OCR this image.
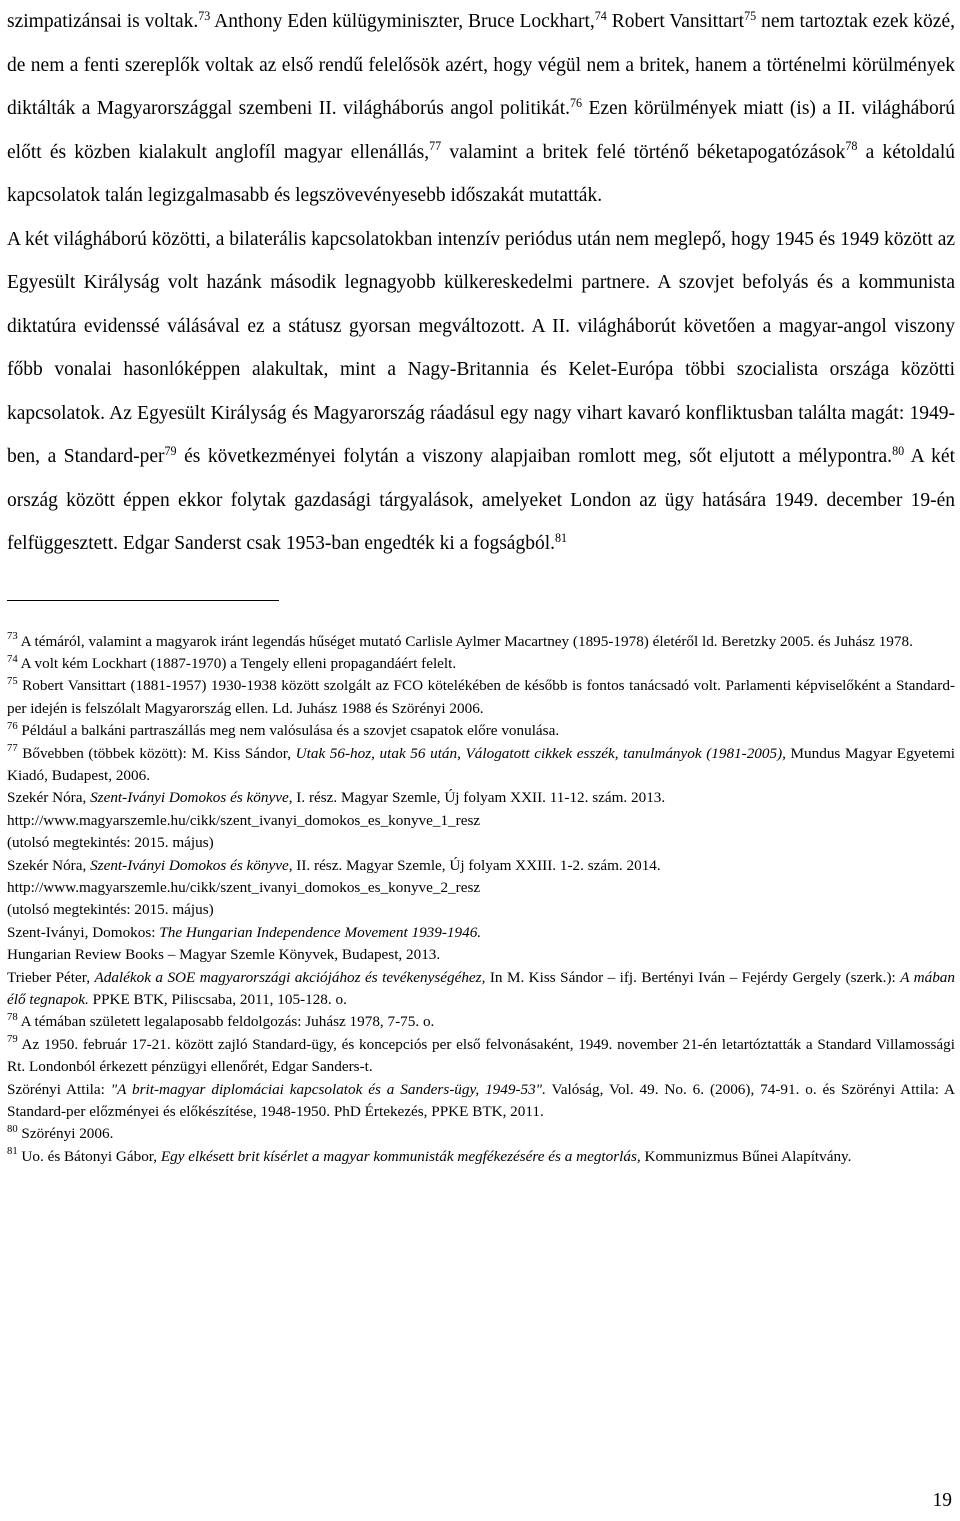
szimpatizánsai is voltak.$^{73}$ Anthony Eden külügyminiszter, Bruce Lockhart,$^{74}$ Robert Vansittart$^{75}$ nem tartoztak ezek közé, de nem a fenti szereplők voltak az első rendű felelősök azért, hogy végül nem a britek, hanem a történelmi körülmények diktálták a Magyarországgal szembeni II. világháborús angol politikát.$^{76}$ Ezen körülmények miatt (is) a II. világháború előtt és közben kialakult anglofíl magyar ellenállás,$^{77}$ valamint a britek felé történő béketapogatózások$^{78}$ a kétoldalú kapcsolatok talán legizgalmasabb és legszövevényesebb időszakát mutatták.

A két világháború közötti, a bilaterális kapcsolatokban intenzív periódus után nem meglepő, hogy 1945 és 1949 között az Egyesült Királyság volt hazánk második legnagyobb külkereskedelmi partnere. A szovjet befolyás és a kommunista diktatúra evidenssé válásával ez a státusz gyorsan megváltozott. A II. világháborút követően a magyar-angol viszony főbb vonalai hasonlóképpen alakultak, mint a Nagy-Britannia és Kelet-Európa többi szocialista országa közötti kapcsolatok. Az Egyesült Királyság és Magyarország ráadásul egy nagy vihart kavaró konfliktusban találta magát: 1949-ben, a Standard-per$^{79}$ és következményei folytán a viszony alapjaiban romlott meg, sőt eljutott a mélypontra.$^{80}$ A két ország között éppen ekkor folytak gazdasági tárgyalások, amelyeket London az ügy hatására 1949. december 19-én felfüggesztett. Edgar Sanderst csak 1953-ban engedték ki a fogságból.$^{81}$

$^{73}$ A témáról, valamint a magyarok iránt legendás hűséget mutató Carlisle Aylmer Macartney (1895-1978) életéről ld. Beretzky 2005. és Juhász 1978.

$^{74}$ A volt kém Lockhart (1887-1970) a Tengely elleni propagandáért felelt.

$^{75}$ Robert Vansittart (1881-1957) 1930-1938 között szolgált az FCO kötelékében de később is fontos tanácsadó volt. Parlamenti képviselőként a Standard-per idején is felszólalt Magyarország ellen. Ld. Juhász 1988 és Szörényi 2006.

$^{76}$ Például a balkáni partraszállás meg nem valósulása és a szovjet csapatok előre vonulása.

$^{77}$ Bővebben (többek között): M. Kiss Sándor, Utak 56-hoz, utak 56 után, Válogatott cikkek esszék, tanulmányok (1981-2005), Mundus Magyar Egyetemi Kiadó, Budapest, 2006.

Szekér Nóra, Szent-Iványi Domokos és könyve, I. rész. Magyar Szemle, Új folyam XXII. 11-12. szám. 2013.

http://www.magyarszemle.hu/cikk/szent_ivanyi_domokos_es_konyve_1_resz

(utolsó megtekintés: 2015. május)

Szekér Nóra, Szent-Iványi Domokos és könyve, II. rész. Magyar Szemle, Új folyam XXIII. 1-2. szám. 2014.

http://www.magyarszemle.hu/cikk/szent_ivanyi_domokos_es_konyve_2_resz

(utolsó megtekintés: 2015. május)

Szent-Iványi, Domokos: The Hungarian Independence Movement 1939-1946.

Hungarian Review Books – Magyar Szemle Könyvek, Budapest, 2013.

Trieber Péter, Adalékok a SOE magyarországi akciójához és tevékenységéhez, In M. Kiss Sándor – ifj. Bertényi Iván – Fejérdy Gergely (szerk.): A mában élő tegnapok. PPKE BTK, Piliscsaba, 2011, 105-128. o.

$^{78}$ A témában született legalaposabb feldolgozás: Juhász 1978, 7-75. o.

$^{79}$ Az 1950. február 17-21. között zajló Standard-ügy, és koncepciós per első felvonásaként, 1949. november 21-én letartóztatták a Standard Villamossági Rt. Londonból érkezett pénzügyi ellenőrét, Edgar Sanders-t.

Szörényi Attila: "A brit-magyar diplomáciai kapcsolatok és a Sanders-ügy, 1949-53". Valóság, Vol. 49. No. 6. (2006), 74-91. o. és Szörényi Attila: A Standard-per előzményei és előkészítése, 1948-1950. PhD Értekezés, PPKE BTK, 2011.

$^{80}$ Szörényi 2006.

$^{81}$ Uo. és Bátonyi Gábor, Egy elkésett brit kísérlet a magyar kommunisták megfékezésére és a megtorlás, Kommunizmus Bűnei Alapítvány.

19
